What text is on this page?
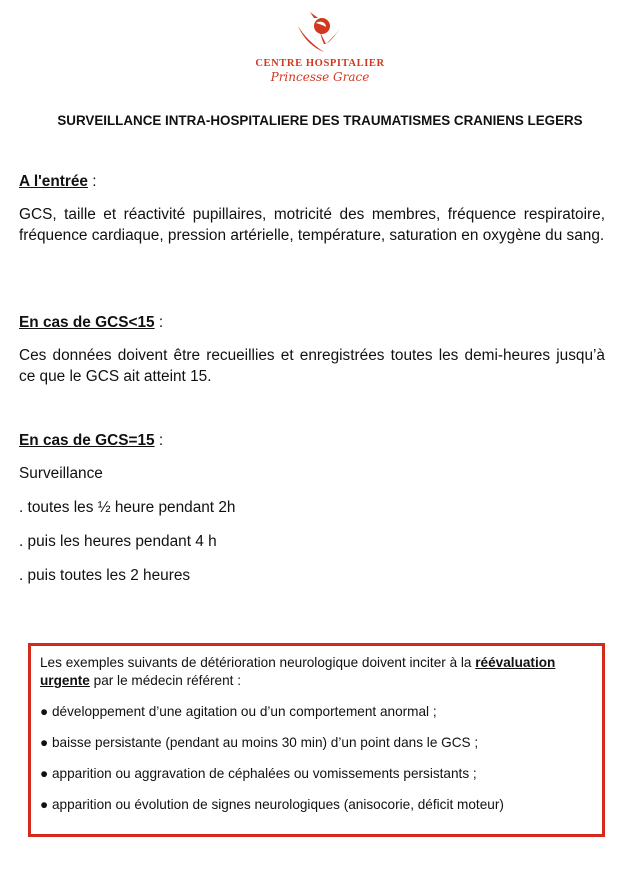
CENTRE HOSPITALIER
Princesse Grace
SURVEILLANCE INTRA-HOSPITALIERE DES TRAUMATISMES CRANIENS LEGERS
A l'entrée :
GCS, taille et réactivité pupillaires, motricité des membres, fréquence respiratoire, fréquence cardiaque, pression artérielle, température, saturation en oxygène du sang.
En cas de GCS<15 :
Ces données doivent être recueillies et enregistrées toutes les demi-heures jusqu’à ce que le GCS ait atteint 15.
En cas de GCS=15 :
Surveillance
. toutes les ½ heure pendant 2h
. puis les heures pendant 4 h
. puis toutes les 2 heures
Les exemples suivants de détérioration neurologique doivent inciter à la réévaluation
urgente par le médecin référent :
● développement d’une agitation ou d’un comportement anormal ;
● baisse persistante (pendant au moins 30 min) d’un point dans le GCS ;
● apparition ou aggravation de céphalées ou vomissements persistants ;
● apparition ou évolution de signes neurologiques (anisocorie, déficit moteur)
